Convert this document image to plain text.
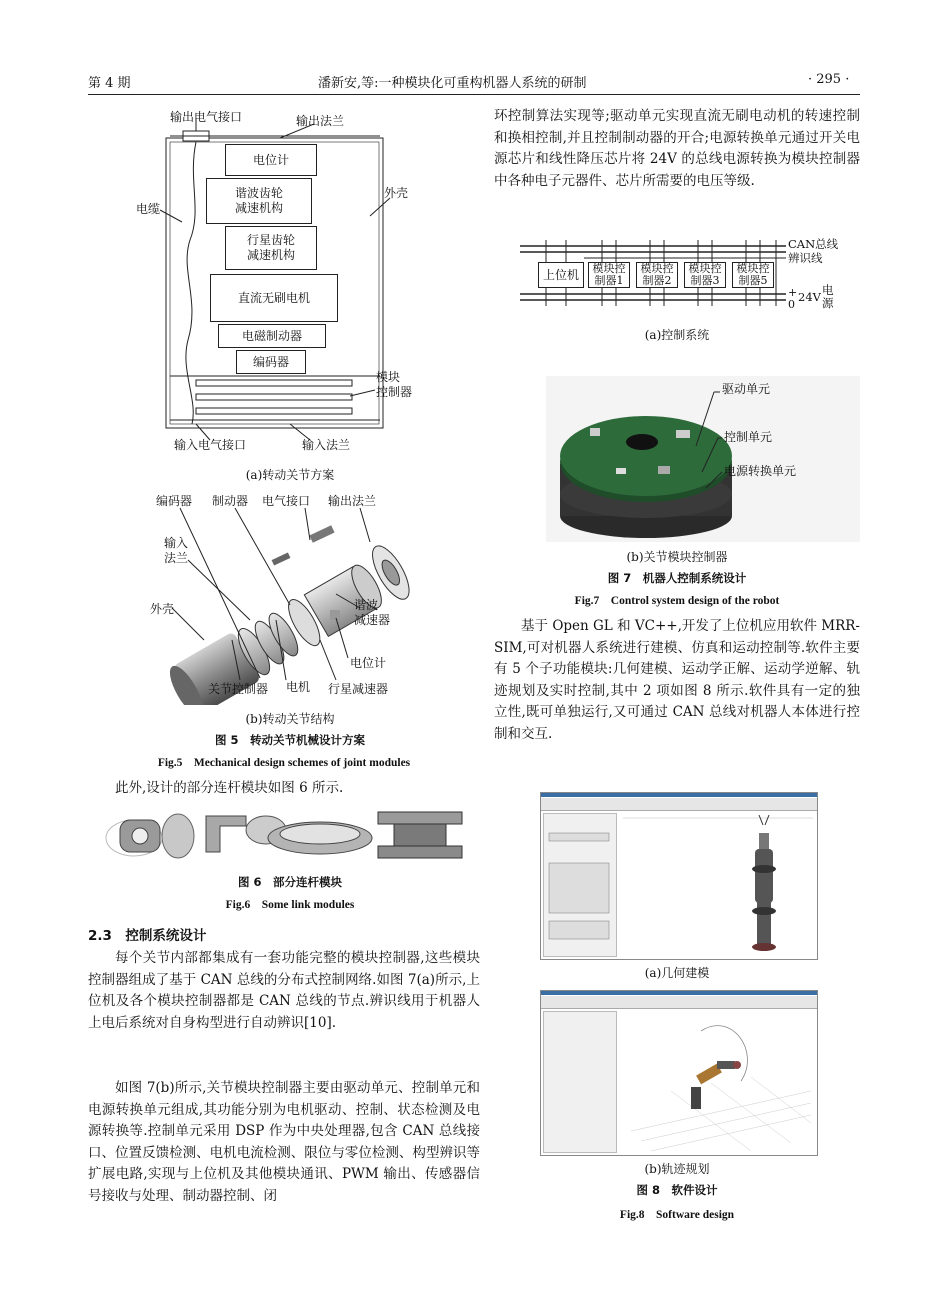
第 4 期	潘新安,等:一种模块化可重构机器人系统的研制	· 295 ·
电位计
谐波齿轮
减速机构
行星齿轮
减速机构
直流无刷电机
电磁制动器
编码器
输出电气接口	输出法兰
电缆
外壳
模块
控制器
输入电气接口	输入法兰
(a)转动关节方案
编码器 制动器 电气接口 输出法兰
输入
法兰
外壳	谐波
减速器
电位计
关节控制器 电机 行星减速器
(b)转动关节结构
图 5　转动关节机械设计方案
Fig.5　Mechanical design schemes of joint modules
此外,设计的部分连杆模块如图 6 所示.
图 6　部分连杆模块
Fig.6　Some link modules
2.3　控制系统设计
每个关节内部都集成有一套功能完整的模块控制器,这些模块控制器组成了基于 CAN 总线的分布式控制网络.如图 7(a)所示,上位机及各个模块控制器都是 CAN 总线的节点.辨识线用于机器人上电后系统对自身构型进行自动辨识[10].
如图 7(b)所示,关节模块控制器主要由驱动单元、控制单元和电源转换单元组成,其功能分别为电机驱动、控制、状态检测及电源转换等.控制单元采用 DSP 作为中央处理器,包含 CAN 总线接口、位置反馈检测、电机电流检测、限位与零位检测、构型辨识等扩展电路,实现与上位机及其他模块通讯、PWM 输出、传感器信号接收与处理、制动器控制、闭
环控制算法实现等;驱动单元实现直流无刷电动机的转速控制和换相控制,并且控制制动器的开合;电源转换单元通过开关电源芯片和线性降压芯片将 24V 的总线电源转换为模块控制器中各种电子元器件、芯片所需要的电压等级.
上位机	模块控
制器1
模块控
制器2
模块控
制器3
模块控
制器5
CAN总线
辨识线
+
0
24V 电
源
(a)控制系统
驱动单元
控制单元
电源转换单元
(b)关节模块控制器
图 7　机器人控制系统设计
Fig.7　Control system design of the robot
基于 Open GL 和 VC++,开发了上位机应用软件 MRR-SIM,可对机器人系统进行建模、仿真和运动控制等.软件主要有 5 个子功能模块:几何建模、运动学正解、运动学逆解、轨迹规划及实时控制,其中 2 项如图 8 所示.软件具有一定的独立性,既可单独运行,又可通过 CAN 总线对机器人本体进行控制和交互.
(a)几何建模
(b)轨迹规划
图 8　软件设计
Fig.8　Software design
